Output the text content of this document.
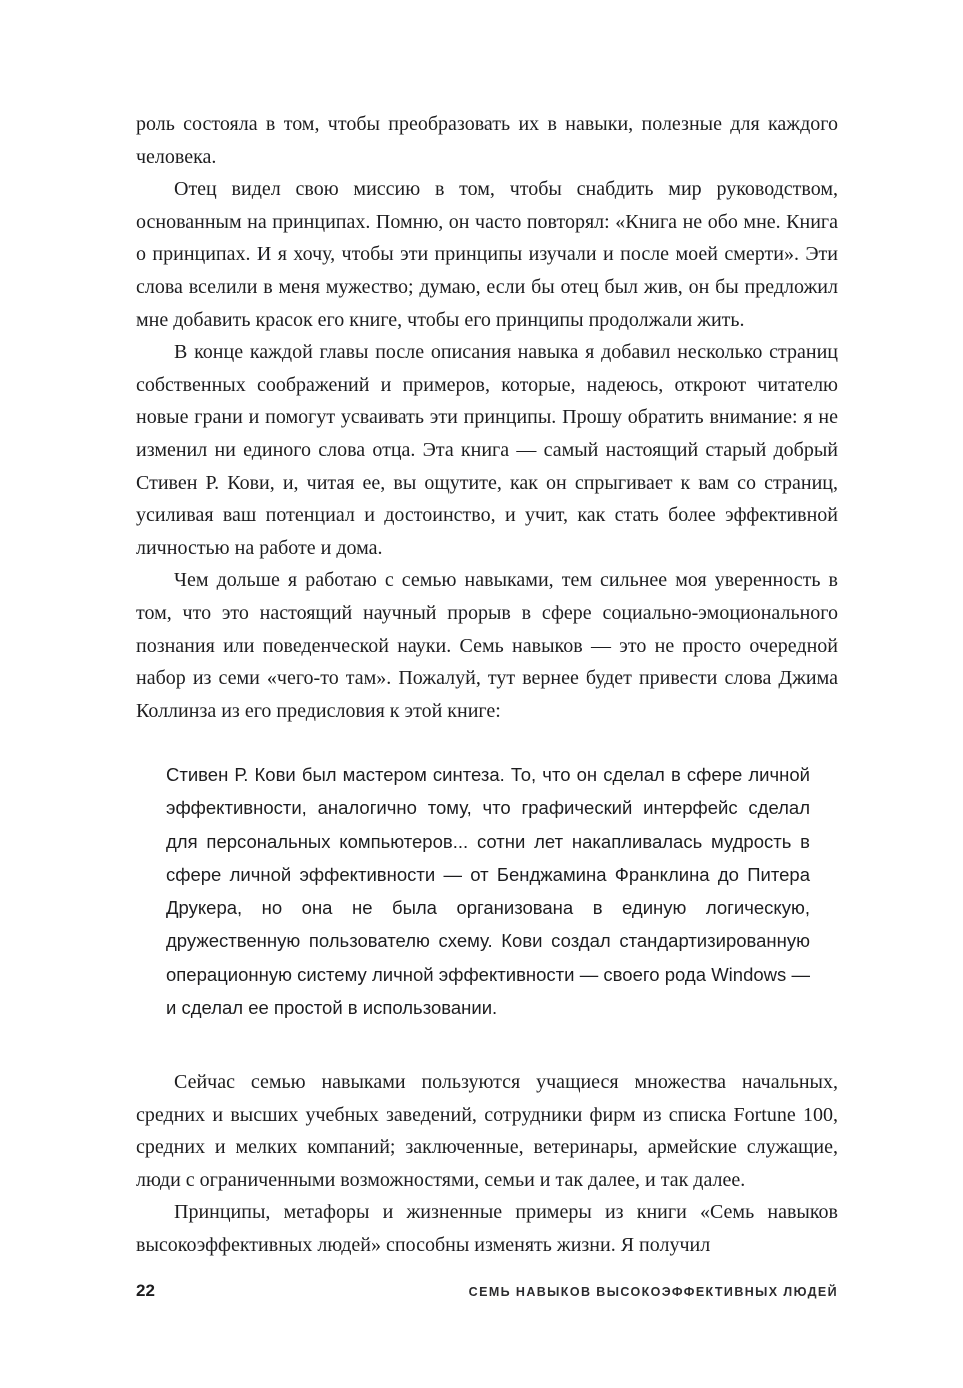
роль состояла в том, чтобы преобразовать их в навыки, полезные для каждого человека.

Отец видел свою миссию в том, чтобы снабдить мир руководством, основанным на принципах. Помню, он часто повторял: «Книга не обо мне. Книга о принципах. И я хочу, чтобы эти принципы изучали и после моей смерти». Эти слова вселили в меня мужество; думаю, если бы отец был жив, он бы предложил мне добавить красок его книге, чтобы его принципы продолжали жить.

В конце каждой главы после описания навыка я добавил несколько страниц собственных соображений и примеров, которые, надеюсь, откроют читателю новые грани и помогут усваивать эти принципы. Прошу обратить внимание: я не изменил ни единого слова отца. Эта книга — самый настоящий старый добрый Стивен Р. Кови, и, читая ее, вы ощутите, как он спрыгивает к вам со страниц, усиливая ваш потенциал и достоинство, и учит, как стать более эффективной личностью на работе и дома.

Чем дольше я работаю с семью навыками, тем сильнее моя уверенность в том, что это настоящий научный прорыв в сфере социально-эмоционального познания или поведенческой науки. Семь навыков — это не просто очередной набор из семи «чего-то там». Пожалуй, тут вернее будет привести слова Джима Коллинза из его предисловия к этой книге:

Стивен Р. Кови был мастером синтеза. То, что он сделал в сфере личной эффективности, аналогично тому, что графический интерфейс сделал для персональных компьютеров... сотни лет накапливалась мудрость в сфере личной эффективности — от Бенджамина Франклина до Питера Друкера, но она не была организована в единую логическую, дружественную пользователю схему. Кови создал стандартизированную операционную систему личной эффективности — своего рода Windows — и сделал ее простой в использовании.

Сейчас семью навыками пользуются учащиеся множества начальных, средних и высших учебных заведений, сотрудники фирм из списка Fortune 100, средних и мелких компаний; заключенные, ветеринары, армейские служащие, люди с ограниченными возможностями, семьи и так далее, и так далее.

Принципы, метафоры и жизненные примеры из книги «Семь навыков высокоэффективных людей» способны изменять жизни. Я получил

22	СЕМЬ НАВЫКОВ ВЫСОКОЭФФЕКТИВНЫХ ЛЮДЕЙ
